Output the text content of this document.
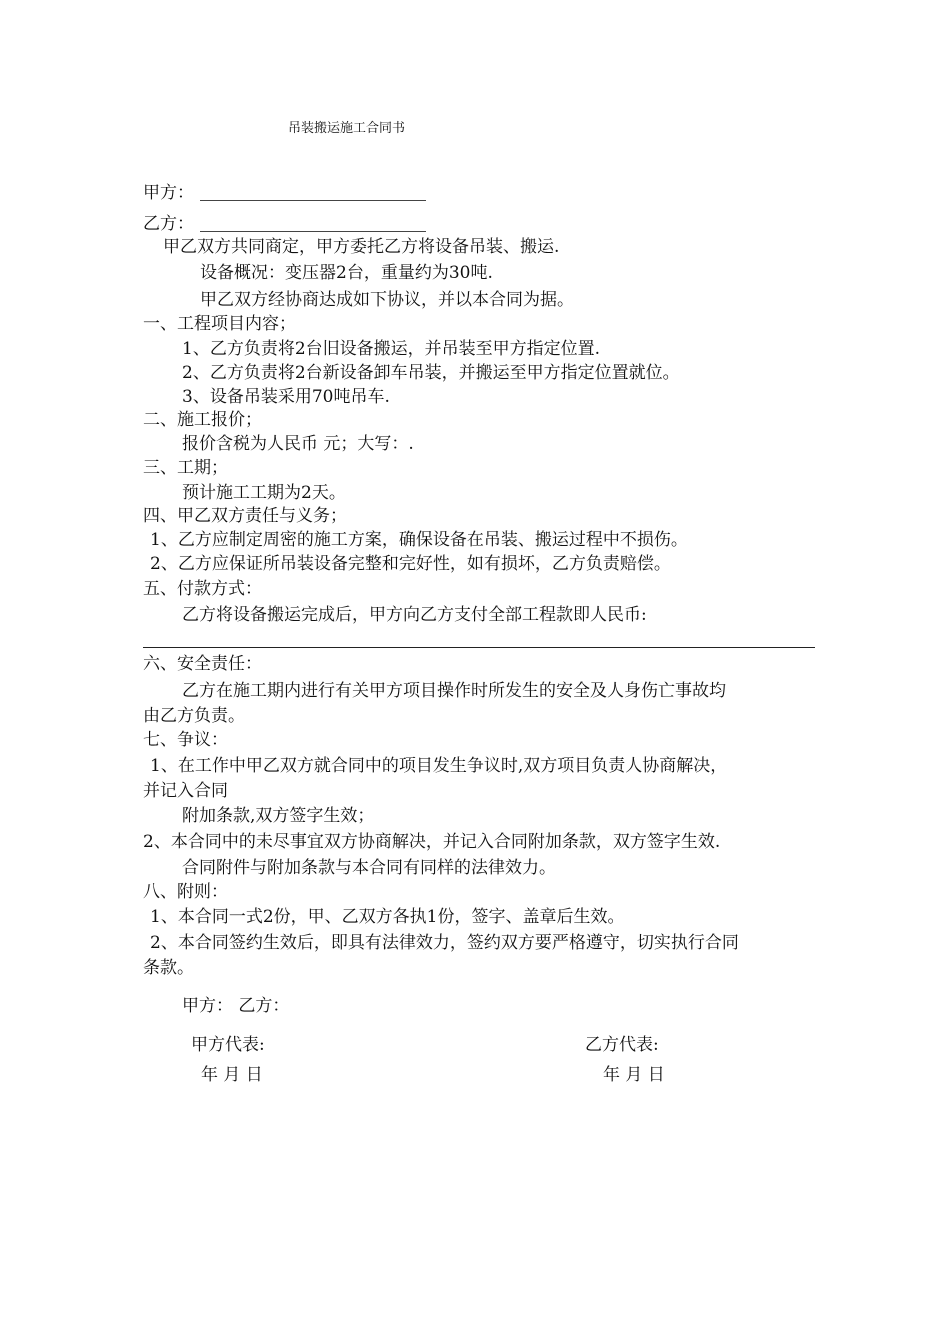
吊装搬运施工合同书
甲方：
乙方：
甲乙双方共同商定，甲方委托乙方将设备吊装、搬运.
设备概况：变压器2台，重量约为30吨.
甲乙双方经协商达成如下协议，并以本合同为据。
一、工程项目内容；
1、乙方负责将2台旧设备搬运，并吊装至甲方指定位置.
2、乙方负责将2台新设备卸车吊装，并搬运至甲方指定位置就位。
3、设备吊装采用70吨吊车.
二、施工报价；
报价含税为人民币 元；大写：.
三、工期；
预计施工工期为2天。
四、甲乙双方责任与义务；
1、乙方应制定周密的施工方案，确保设备在吊装、搬运过程中不损伤。
2、乙方应保证所吊装设备完整和完好性，如有损坏，乙方负责赔偿。
五、付款方式：
乙方将设备搬运完成后，甲方向乙方支付全部工程款即人民币:
六、安全责任：
乙方在施工期内进行有关甲方项目操作时所发生的安全及人身伤亡事故均
由乙方负责。
七、争议：
1、在工作中甲乙双方就合同中的项目发生争议时,双方项目负责人协商解决，
并记入合同
附加条款,双方签字生效；
2、本合同中的未尽事宜双方协商解决，并记入合同附加条款，双方签字生效.
合同附件与附加条款与本合同有同样的法律效力。
八、附则：
1、本合同一式2份，甲、乙双方各执1份，签字、盖章后生效。
2、本合同签约生效后，即具有法律效力，签约双方要严格遵守，切实执行合同
条款。
甲方： 乙方：
甲方代表:	乙方代表:
年 月 日	年 月 日
